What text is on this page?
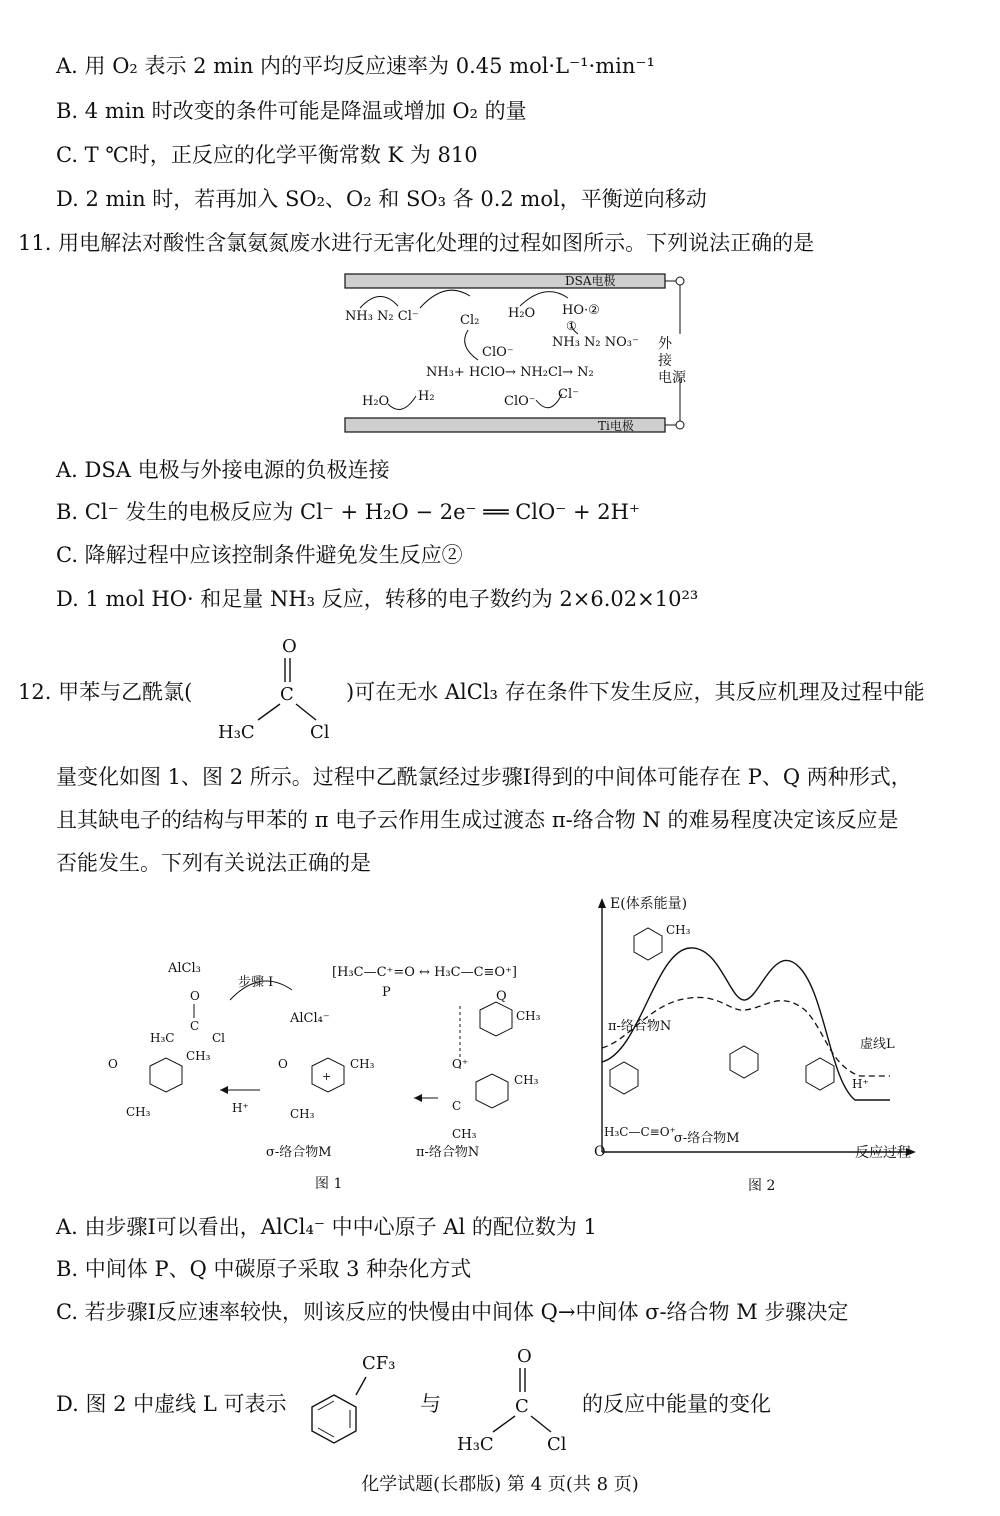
A. 用 O₂ 表示 2 min 内的平均反应速率为 0.45 mol·L⁻¹·min⁻¹
B. 4 min 时改变的条件可能是降温或增加 O₂ 的量
C. T ℃时，正反应的化学平衡常数 K 为 810
D. 2 min 时，若再加入 SO₂、O₂ 和 SO₃ 各 0.2 mol，平衡逆向移动
11. 用电解法对酸性含氯氨氮废水进行无害化处理的过程如图所示。下列说法正确的是
DSA电极
Ti电极
外
接
电源
NH₃ N₂ Cl⁻	Cl₂ H₂O HO·②
①
NH₃ N₂ NO₃⁻
ClO⁻
NH₃+ HClO→ NH₂Cl→ N₂
H₂O H₂	ClO⁻ Cl⁻
A. DSA 电极与外接电源的负极连接
B. Cl⁻ 发生的电极反应为 Cl⁻ + H₂O − 2e⁻ ══ ClO⁻ + 2H⁺
C. 降解过程中应该控制条件避免发生反应②
D. 1 mol HO· 和足量 NH₃ 反应，转移的电子数约为 2×6.02×10²³
12. 甲苯与乙酰氯(
O
C
H₃C	Cl
)可在无水 AlCl₃ 存在条件下发生反应，其反应机理及过程中能
量变化如图 1、图 2 所示。过程中乙酰氯经过步骤Ⅰ得到的中间体可能存在 P、Q 两种形式，
且其缺电子的结构与甲苯的 π 电子云作用生成过渡态 π-络合物 N 的难易程度决定该反应是
否能发生。下列有关说法正确的是
AlCl₃
步骤 Ⅰ
AlCl₄⁻
O
C
H₃C	Cl
[H₃C—C⁺=O ↔ H₃C—C≡O⁺]
P	Q
CH₃
O⁺
C
CH₃
CH₃
π-络合物N
+
CH₃
O
CH₃
σ-络合物M
H⁺
CH₃
O
CH₃
图 1
E(体系能量)
反应过程
O
π-络合物N
σ-络合物M
虚线L
H⁺
H₃C—C≡O⁺
CH₃
图 2
A. 由步骤Ⅰ可以看出，AlCl₄⁻ 中中心原子 Al 的配位数为 1
B. 中间体 P、Q 中碳原子采取 3 种杂化方式
C. 若步骤Ⅰ反应速率较快，则该反应的快慢由中间体 Q→中间体 σ-络合物 M 步骤决定
D. 图 2 中虚线 L 可表示
CF₃
与
O
C
H₃C	Cl
的反应中能量的变化
化学试题(长郡版) 第 4 页(共 8 页)
